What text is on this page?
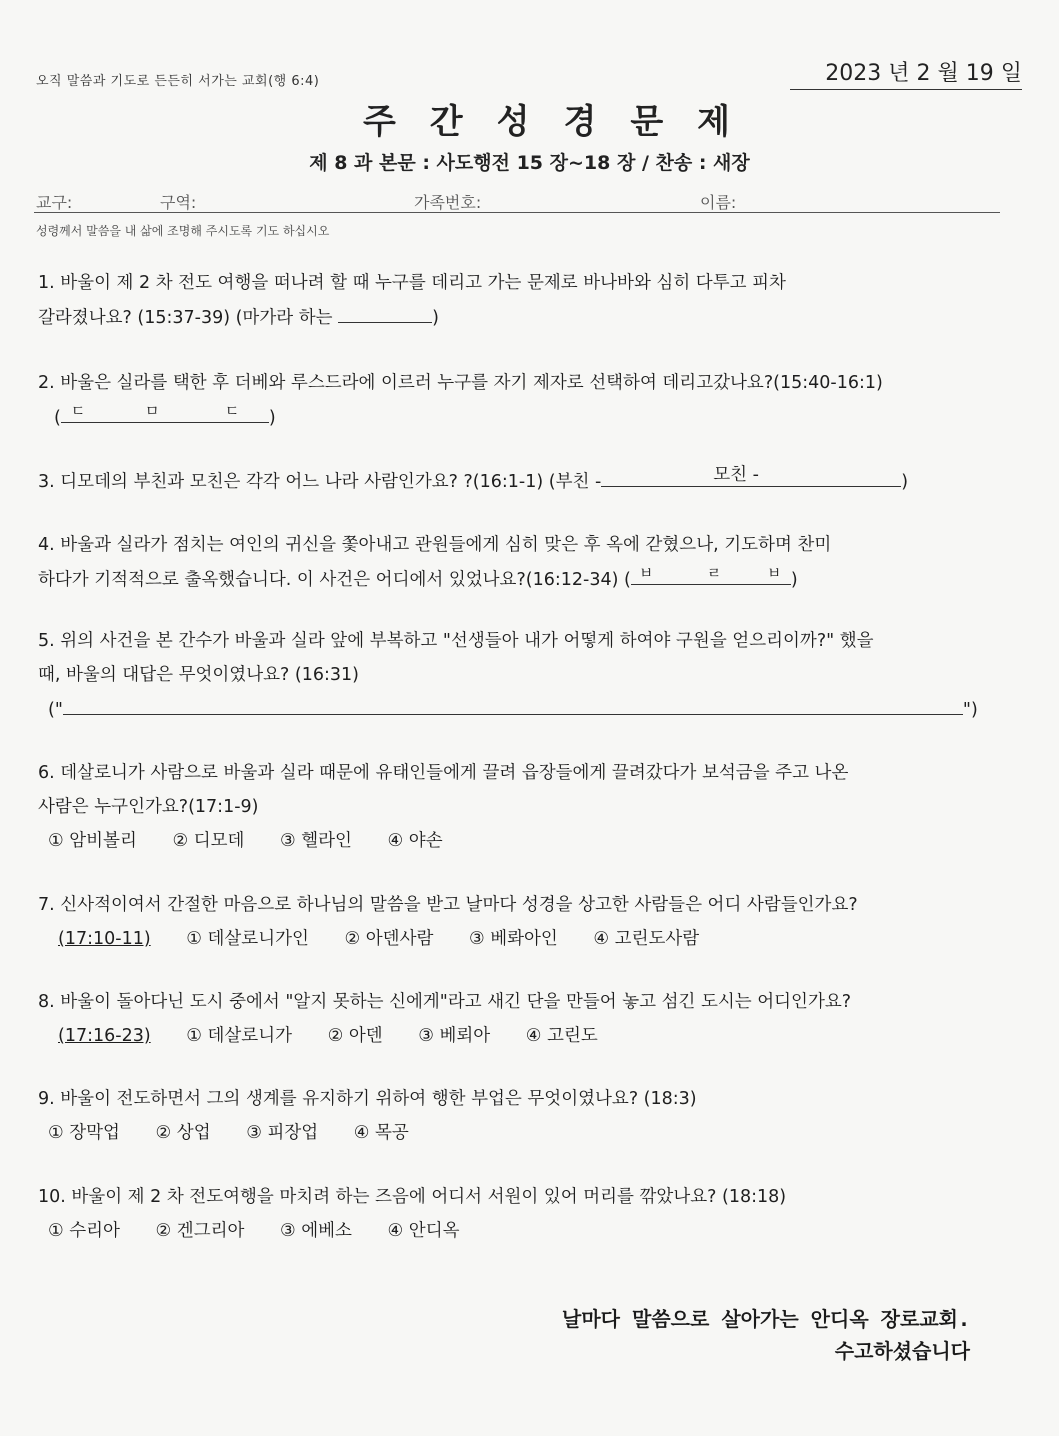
오직 말씀과 기도로 든든히 서가는 교회(행 6:4)	2023 년 2 월 19 일
주간성경문제
제 8 과 본문 : 사도행전 15 장~18 장 / 찬송 : 새장
교구:	구역:	가족번호:	이름:
성령께서 말씀을 내 삶에 조명해 주시도록 기도 하십시오
1. 바울이 제 2 차 전도 여행을 떠나려 할 때 누구를 데리고 가는 문제로 바나바와 심히 다투고 피차
갈라졌나요? (15:37-39) (마가라 하는	)
2. 바울은 실라를 택한 후 더베와 루스드라에 이르러 누구를 자기 제자로 선택하여 데리고갔나요?(15:40-16:1)
( ㄷ	ㅁ	ㄷ )
3. 디모데의 부친과 모친은 각각 어느 나라 사람인가요? ?(16:1-1) (부친 -	모친 -	)
4. 바울과 실라가 점치는 여인의 귀신을 쫓아내고 관원들에게 심히 맞은 후 옥에 갇혔으나, 기도하며 찬미
하다가 기적적으로 출옥했습니다. 이 사건은 어디에서 있었나요?(16:12-34) ( ㅂ	ㄹ	ㅂ )
5. 위의 사건을 본 간수가 바울과 실라 앞에 부복하고 "선생들아 내가 어떻게 하여야 구원을 얻으리이까?" 했을
때, 바울의 대답은 무엇이였나요? (16:31)
("	")
6. 데살로니가 사람으로 바울과 실라 때문에 유태인들에게 끌려 읍장들에게 끌려갔다가 보석금을 주고 나온
사람은 누구인가요?(17:1-9)
① 암비볼리 ② 디모데 ③ 헬라인 ④ 야손
7. 신사적이여서 간절한 마음으로 하나님의 말씀을 받고 날마다 성경을 상고한 사람들은 어디 사람들인가요?
(17:10-11) ① 데살로니가인 ② 아덴사람 ③ 베롸아인 ④ 고린도사람
8. 바울이 돌아다닌 도시 중에서 "알지 못하는 신에게"라고 새긴 단을 만들어 놓고 섬긴 도시는 어디인가요?
(17:16-23) ① 데살로니가 ② 아덴 ③ 베뢰아 ④ 고린도
9. 바울이 전도하면서 그의 생계를 유지하기 위하여 행한 부업은 무엇이였나요? (18:3)
① 장막업 ② 상업 ③ 피장업 ④ 목공
10. 바울이 제 2 차 전도여행을 마치려 하는 즈음에 어디서 서원이 있어 머리를 깎았나요? (18:18)
① 수리아 ② 겐그리아 ③ 에베소 ④ 안디옥
날마다 말씀으로 살아가는 안디옥 장로교회.
수고하셨습니다
